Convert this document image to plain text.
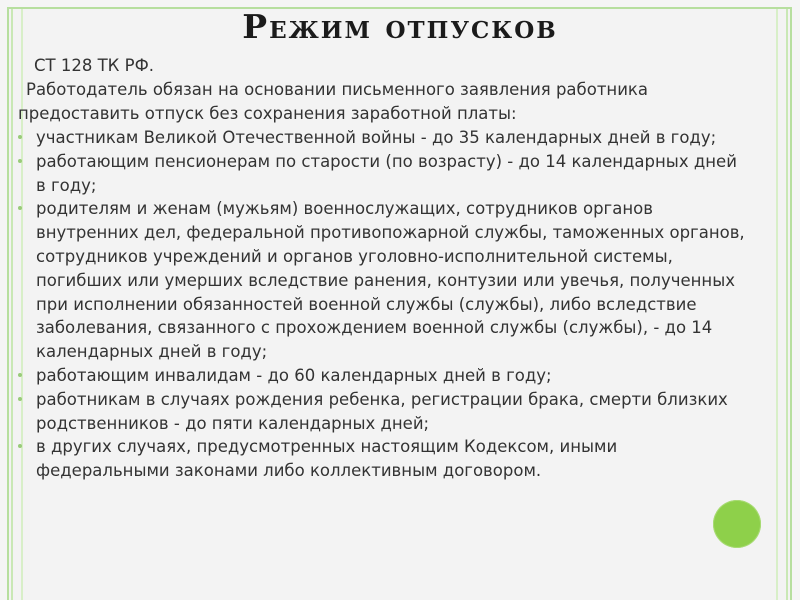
Режим отпусков
СТ 128 ТК РФ.
Работодатель обязан на основании письменного заявления работника
предоставить отпуск без сохранения заработной платы:
участникам Великой Отечественной войны - до 35 календарных дней в году;
работающим пенсионерам по старости (по возрасту) - до 14 календарных дней
в году;
родителям и женам (мужьям) военнослужащих, сотрудников органов
внутренних дел, федеральной противопожарной службы, таможенных органов,
сотрудников учреждений и органов уголовно-исполнительной системы,
погибших или умерших вследствие ранения, контузии или увечья, полученных
при исполнении обязанностей военной службы (службы), либо вследствие
заболевания, связанного с прохождением военной службы (службы), - до 14
календарных дней в году;
работающим инвалидам - до 60 календарных дней в году;
работникам в случаях рождения ребенка, регистрации брака, смерти близких
родственников - до пяти календарных дней;
в других случаях, предусмотренных настоящим Кодексом, иными
федеральными законами либо коллективным договором.
